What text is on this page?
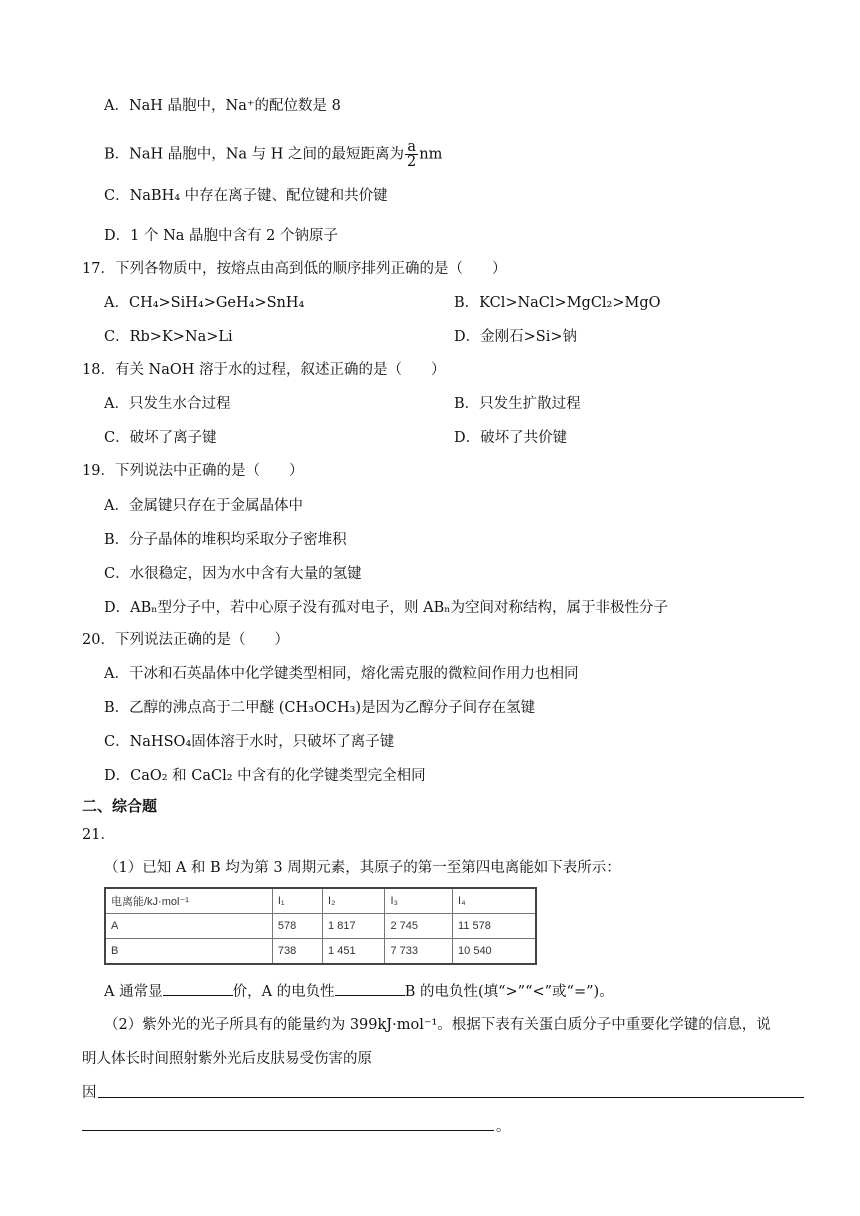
A．NaH 晶胞中，Na⁺的配位数是 8
B．NaH 晶胞中，Na 与 H 之间的最短距离为 $\frac{a}{2}$ nm
C．NaBH₄ 中存在离子键、配位键和共价键
D．1 个 Na 晶胞中含有 2 个钠原子
17．下列各物质中，按熔点由高到低的顺序排列正确的是（　　）
A．CH₄>SiH₄>GeH₄>SnH₄	B．KCl>NaCl>MgCl₂>MgO
C．Rb>K>Na>Li	D．金刚石>Si>钠
18．有关 NaOH 溶于水的过程，叙述正确的是（　　）
A．只发生水合过程	B．只发生扩散过程
C．破坏了离子键	D．破坏了共价键
19．下列说法中正确的是（　　）
A．金属键只存在于金属晶体中
B．分子晶体的堆积均采取分子密堆积
C．水很稳定，因为水中含有大量的氢键
D．ABₙ型分子中，若中心原子没有孤对电子，则 ABₙ为空间对称结构，属于非极性分子
20．下列说法正确的是（　　）
A．干冰和石英晶体中化学键类型相同，熔化需克服的微粒间作用力也相同
B．乙醇的沸点高于二甲醚 (CH₃OCH₃)是因为乙醇分子间存在氢键
C．NaHSO₄固体溶于水时，只破坏了离子键
D．CaO₂ 和 CaCl₂ 中含有的化学键类型完全相同
二、综合题
21．
（1）已知 A 和 B 均为第 3 周期元素，其原子的第一至第四电离能如下表所示：
电离能/kJ·mol⁻¹	I₁	I₂	I₃	I₄
A	578	1 817	2 745	11 578
B	738	1 451	7 733	10 540
A 通常显	价，A 的电负性	B 的电负性(填“>”“<”或“=”)。
（2）紫外光的光子所具有的能量约为 399kJ·mol⁻¹。根据下表有关蛋白质分子中重要化学键的信息，说
明人体长时间照射紫外光后皮肤易受伤害的原
因
。
